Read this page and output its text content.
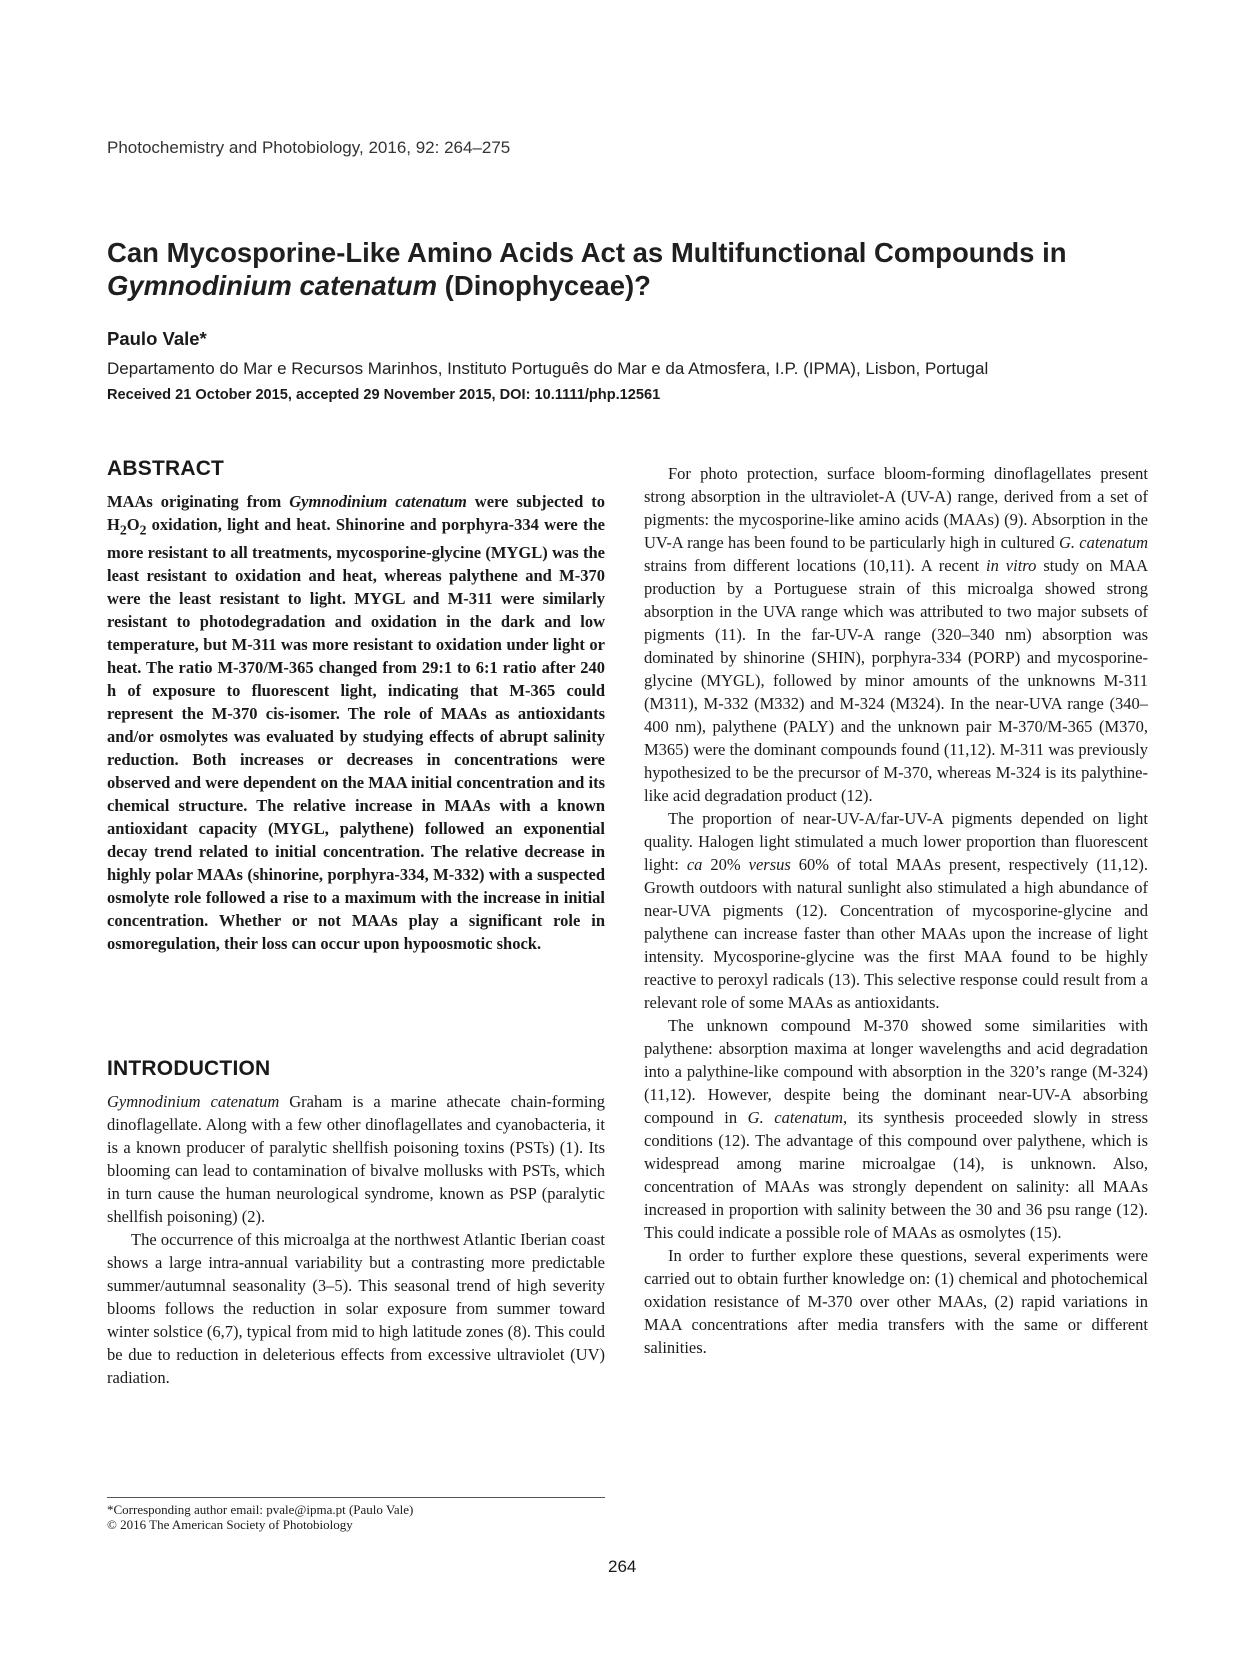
Photochemistry and Photobiology, 2016, 92: 264–275
Can Mycosporine-Like Amino Acids Act as Multifunctional Compounds in
Gymnodinium catenatum (Dinophyceae)?
Paulo Vale*
Departamento do Mar e Recursos Marinhos, Instituto Português do Mar e da Atmosfera, I.P. (IPMA), Lisbon, Portugal
Received 21 October 2015, accepted 29 November 2015, DOI: 10.1111/php.12561
ABSTRACT

MAAs originating from Gymnodinium catenatum were subjected to $H_2O_2$ oxidation, light and heat. Shinorine and porphyra-334 were the more resistant to all treatments, mycosporine-glycine (MYGL) was the least resistant to oxidation and heat, whereas palythene and M-370 were the least resistant to light. MYGL and M-311 were similarly resistant to photodegradation and oxidation in the dark and low temperature, but M-311 was more resistant to oxidation under light or heat. The ratio M-370/M-365 changed from 29:1 to 6:1 ratio after 240 h of exposure to fluorescent light, indicating that M-365 could represent the M-370 cis-isomer. The role of MAAs as antioxidants and/or osmolytes was evaluated by studying effects of abrupt salinity reduction. Both increases or decreases in concentrations were observed and were dependent on the MAA initial concentration and its chemical structure. The relative increase in MAAs with a known antioxidant capacity (MYGL, palythene) followed an exponential decay trend related to initial concentration. The relative decrease in highly polar MAAs (shinorine, porphyra-334, M-332) with a suspected osmolyte role followed a rise to a maximum with the increase in initial concentration. Whether or not MAAs play a significant role in osmoregulation, their loss can occur upon hypoosmotic shock.

INTRODUCTION

Gymnodinium catenatum Graham is a marine athecate chain-forming dinoflagellate. Along with a few other dinoflagellates and cyanobacteria, it is a known producer of paralytic shellfish poisoning toxins (PSTs) (1). Its blooming can lead to contamination of bivalve mollusks with PSTs, which in turn cause the human neurological syndrome, known as PSP (paralytic shellfish poisoning) (2).

The occurrence of this microalga at the northwest Atlantic Iberian coast shows a large intra-annual variability but a contrasting more predictable summer/autumnal seasonality (3–5). This seasonal trend of high severity blooms follows the reduction in solar exposure from summer toward winter solstice (6,7), typical from mid to high latitude zones (8). This could be due to reduction in deleterious effects from excessive ultraviolet (UV) radiation.

For photo protection, surface bloom-forming dinoflagellates present strong absorption in the ultraviolet-A (UV-A) range, derived from a set of pigments: the mycosporine-like amino acids (MAAs) (9). Absorption in the UV-A range has been found to be particularly high in cultured G. catenatum strains from different locations (10,11). A recent in vitro study on MAA production by a Portuguese strain of this microalga showed strong absorption in the UVA range which was attributed to two major subsets of pigments (11). In the far-UV-A range (320–340 nm) absorption was dominated by shinorine (SHIN), porphyra-334 (PORP) and mycosporine-glycine (MYGL), followed by minor amounts of the unknowns M-311 (M311), M-332 (M332) and M-324 (M324). In the near-UVA range (340–400 nm), palythene (PALY) and the unknown pair M-370/M-365 (M370, M365) were the dominant compounds found (11,12). M-311 was previously hypothesized to be the precursor of M-370, whereas M-324 is its palythine-like acid degradation product (12).

The proportion of near-UV-A/far-UV-A pigments depended on light quality. Halogen light stimulated a much lower proportion than fluorescent light: ca 20% versus 60% of total MAAs present, respectively (11,12). Growth outdoors with natural sunlight also stimulated a high abundance of near-UVA pigments (12). Concentration of mycosporine-glycine and palythene can increase faster than other MAAs upon the increase of light intensity. Mycosporine-glycine was the first MAA found to be highly reactive to peroxyl radicals (13). This selective response could result from a relevant role of some MAAs as antioxidants.

The unknown compound M-370 showed some similarities with palythene: absorption maxima at longer wavelengths and acid degradation into a palythine-like compound with absorption in the 320’s range (M-324) (11,12). However, despite being the dominant near-UV-A absorbing compound in G. catenatum, its synthesis proceeded slowly in stress conditions (12). The advantage of this compound over palythene, which is widespread among marine microalgae (14), is unknown. Also, concentration of MAAs was strongly dependent on salinity: all MAAs increased in proportion with salinity between the 30 and 36 psu range (12). This could indicate a possible role of MAAs as osmolytes (15).

In order to further explore these questions, several experiments were carried out to obtain further knowledge on: (1) chemical and photochemical oxidation resistance of M-370 over other MAAs, (2) rapid variations in MAA concentrations after media transfers with the same or different salinities.

*Corresponding author email: pvale@ipma.pt (Paulo Vale)
© 2016 The American Society of Photobiology
264
